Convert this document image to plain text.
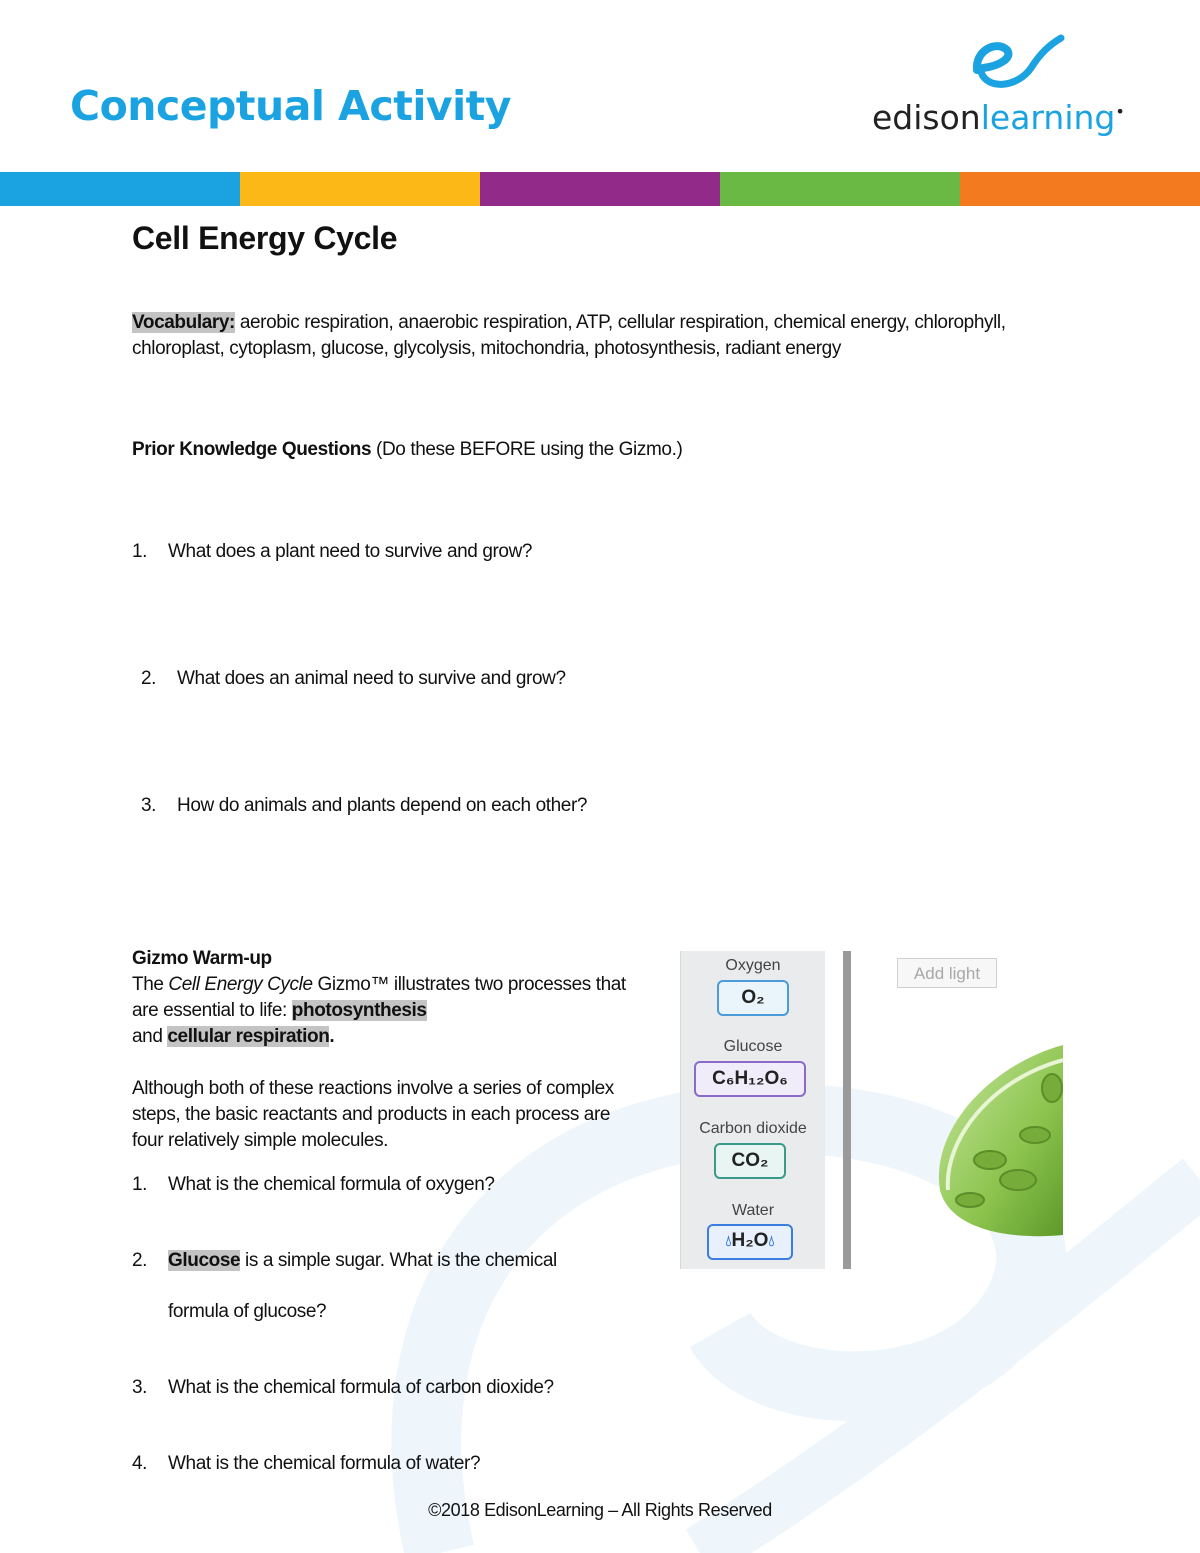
Conceptual Activity	edisonlearning•
Cell Energy Cycle
Vocabulary: aerobic respiration, anaerobic respiration, ATP, cellular respiration, chemical energy, chlorophyll, chloroplast, cytoplasm, glucose, glycolysis, mitochondria, photosynthesis, radiant energy
Prior Knowledge Questions (Do these BEFORE using the Gizmo.)
1. What does a plant need to survive and grow?
2. What does an animal need to survive and grow?
3. How do animals and plants depend on each other?

Gizmo Warm-up

The Cell Energy Cycle Gizmo™ illustrates two processes that are essential to life: photosynthesis
and cellular respiration.

Although both of these reactions involve a series of complex steps, the basic reactants and products in each process are four relatively simple molecules.

1. What is the chemical formula of oxygen?
2. Glucose is a simple sugar. What is the chemical
formula of glucose?
3. What is the chemical formula of carbon dioxide?
4. What is the chemical formula of water?
Oxygen
O₂
Glucose
C₆H₁₂O₆
Carbon dioxide
CO₂
Water
💧︎H₂O💧︎
Add light
©2018 EdisonLearning – All Rights Reserved
